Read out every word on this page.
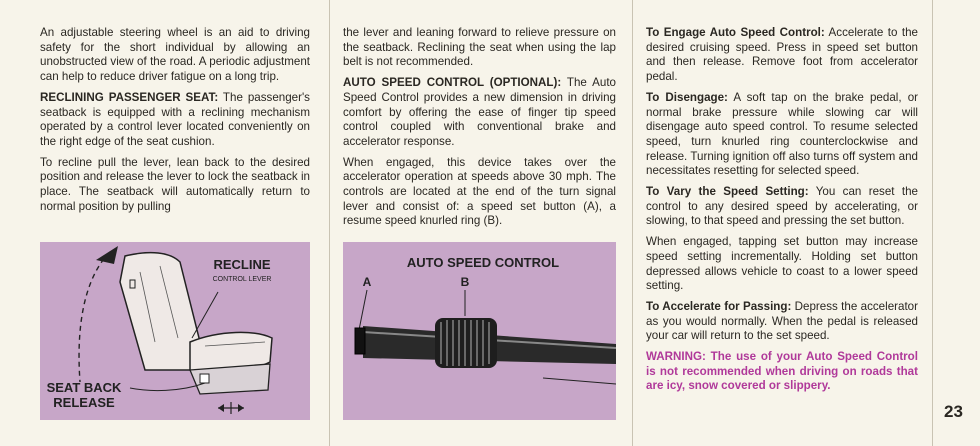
An adjustable steering wheel is an aid to driving safety for the short individual by allowing an unobstructed view of the road. A periodic adjustment can help to reduce driver fatigue on a long trip.

RECLINING PASSENGER SEAT: The passenger's seatback is equipped with a reclining mechanism operated by a control lever located conveniently on the right edge of the seat cushion.

To recline pull the lever, lean back to the desired position and release the lever to lock the seatback in place. The seatback will automatically return to normal position by pulling

RECLINE
CONTROL LEVER
SEAT BACK
RELEASE

the lever and leaning forward to relieve pressure on the seatback. Reclining the seat when using the lap belt is not recommended.

AUTO SPEED CONTROL (OPTIONAL): The Auto Speed Control provides a new dimension in driving comfort by offering the ease of finger tip speed control coupled with conventional brake and accelerator response.

When engaged, this device takes over the accelerator operation at speeds above 30 mph. The controls are located at the end of the turn signal lever and consist of: a speed set button (A), a resume speed knurled ring (B).

AUTO SPEED CONTROL
A	B

To Engage Auto Speed Control: Accelerate to the desired cruising speed. Press in speed set button and then release. Remove foot from accelerator pedal.

To Disengage: A soft tap on the brake pedal, or normal brake pressure while slowing car will disengage auto speed control. To resume selected speed, turn knurled ring counterclockwise and release. Turning ignition off also turns off system and necessitates resetting for selected speed.

To Vary the Speed Setting: You can reset the control to any desired speed by accelerating, or slowing, to that speed and pressing the set button.

When engaged, tapping set button may increase speed setting incrementally. Holding set button depressed allows vehicle to coast to a lower speed setting.

To Accelerate for Passing: Depress the accelerator as you would normally. When the pedal is released your car will return to the set speed.

WARNING: The use of your Auto Speed Control is not recommended when driving on roads that are icy, snow covered or slippery.

23
